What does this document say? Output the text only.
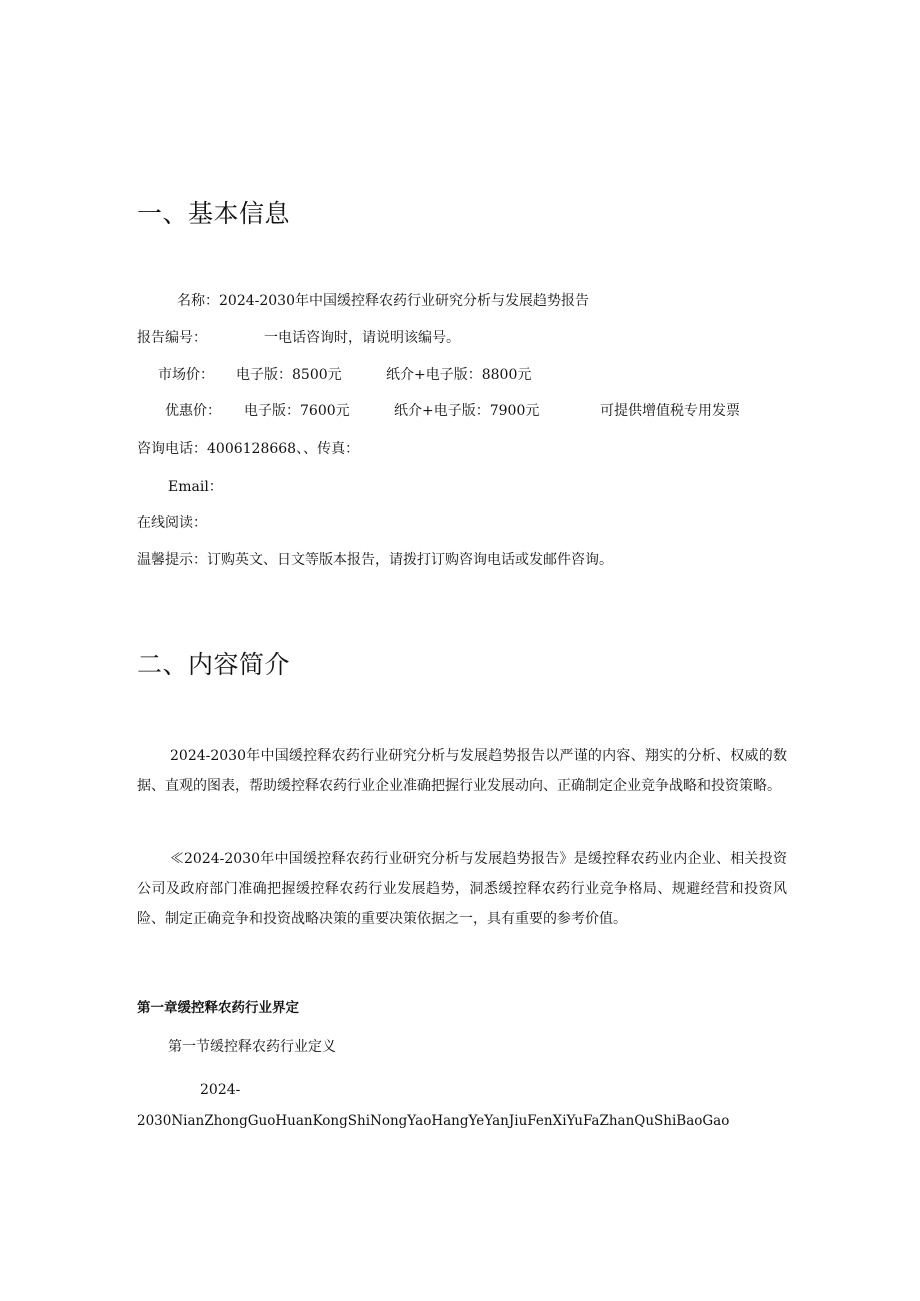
一、基本信息
名称：2024-2030年中国缓控释农药行业研究分析与发展趋势报告
报告编号：	一电话咨询时，请说明该编号。
市场价： 电子版：8500元	纸介+电子版：8800元
优惠价： 电子版：7600元	纸介+电子版：7900元	可提供增值税专用发票
咨询电话：4006128668、、传真：
Email：
在线阅读：
温馨提示：订购英文、日文等版本报告，请拨打订购咨询电话或发邮件咨询。
二、内容简介

2024-2030年中国缓控释农药行业研究分析与发展趋势报告以严谨的内容、翔实的分析、权威的数据、直观的图表，帮助缓控释农药行业企业准确把握行业发展动向、正确制定企业竞争战略和投资策略。

≪2024-2030年中国缓控释农药行业研究分析与发展趋势报告》是缓控释农药业内企业、相关投资公司及政府部门准确把握缓控释农药行业发展趋势，洞悉缓控释农药行业竞争格局、规避经营和投资风险、制定正确竞争和投资战略决策的重要决策依据之一，具有重要的参考价值。

第一章缓控释农药行业界定
第一节缓控释农药行业定义
2024-
2030NianZhongGuoHuanKongShiNongYaoHangYeYanJiuFenXiYuFaZhanQuShiBaoGao
